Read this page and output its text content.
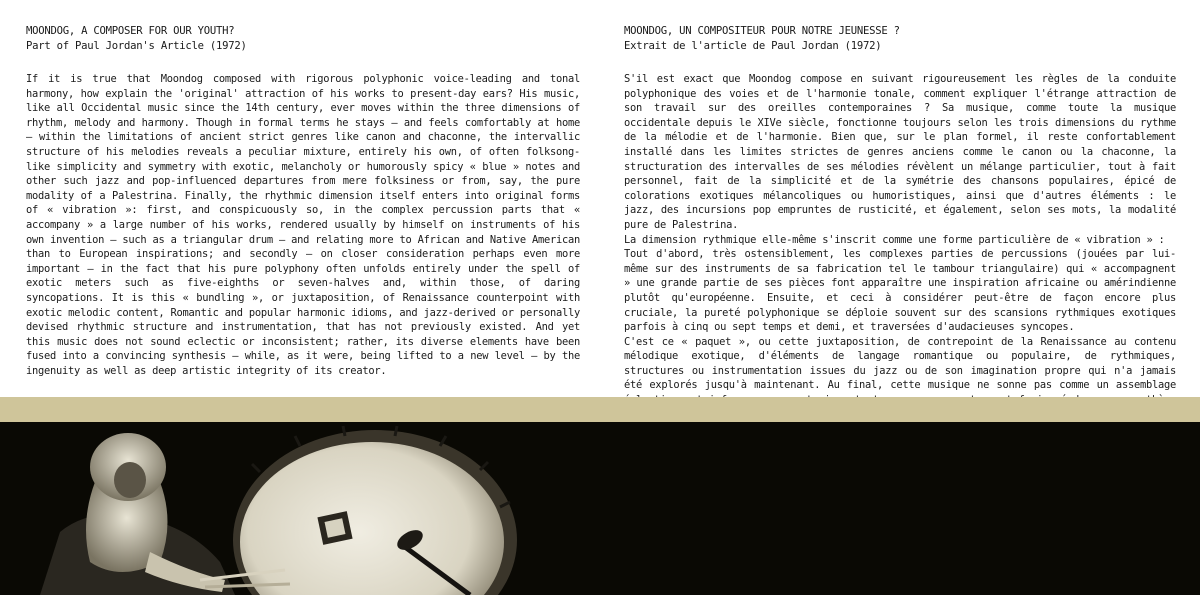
MOONDOG, A COMPOSER FOR OUR YOUTH?
Part of Paul Jordan's Article (1972)

If it is true that Moondog composed with rigorous polyphonic voice-leading and tonal harmony, how explain the 'original' attraction of his works to present-day ears? His music, like all Occidental music since the 14th century, ever moves within the three dimensions of rhythm, melody and harmony. Though in formal terms he stays — and feels comfortably at home — within the limitations of ancient strict genres like canon and chaconne, the intervallic structure of his melodies reveals a peculiar mixture, entirely his own, of often folksong-like simplicity and symmetry with exotic, melancholy or humorously spicy « blue » notes and other such jazz and pop-influenced departures from mere folksiness or from, say, the pure modality of a Palestrina. Finally, the rhythmic dimension itself enters into original forms of « vibration »: first, and conspicuously so, in the complex percussion parts that « accompany » a large number of his works, rendered usually by himself on instruments of his own invention — such as a triangular drum — and relating more to African and Native American than to European inspirations; and secondly — on closer consideration perhaps even more important — in the fact that his pure polyphony often unfolds entirely under the spell of exotic meters such as five-eighths or seven-halves and, within those, of daring syncopations. It is this « bundling », or juxtaposition, of Renaissance counterpoint with exotic melodic content, Romantic and popular harmonic idioms, and jazz-derived or personally devised rhythmic structure and instrumentation, that has not previously existed. And yet this music does not sound eclectic or inconsistent; rather, its diverse elements have been fused into a convincing synthesis — while, as it were, being lifted to a new level — by the ingenuity as well as deep artistic integrity of its creator.

MOONDOG, UN COMPOSITEUR POUR NOTRE JEUNESSE ?
Extrait de l'article de Paul Jordan (1972)

S'il est exact que Moondog compose en suivant rigoureusement les règles de la conduite polyphonique des voies et de l'harmonie tonale, comment expliquer l'étrange attraction de son travail sur des oreilles contemporaines ? Sa musique, comme toute la musique occidentale depuis le XIVe siècle, fonctionne toujours selon les trois dimensions du rythme de la mélodie et de l'harmonie. Bien que, sur le plan formel, il reste confortablement installé dans les limites strictes de genres anciens comme le canon ou la chaconne, la structuration des intervalles de ses mélodies révèlent un mélange particulier, tout à fait personnel, fait de la simplicité et de la symétrie des chansons populaires, épicé de colorations exotiques mélancoliques ou humoristiques, ainsi que d'autres éléments : le jazz, des incursions pop empruntes de rusticité, et également, selon ses mots, la modalité pure de Palestrina.

La dimension rythmique elle-même s'inscrit comme une forme particulière de « vibration » :

Tout d'abord, très ostensiblement, les complexes parties de percussions (jouées par lui-même sur des instruments de sa fabrication tel le tambour triangulaire) qui « accompagnent » une grande partie de ses pièces font apparaître une inspiration africaine ou amérindienne plutôt qu'européenne. Ensuite, et ceci à considérer peut-être de façon encore plus cruciale, la pureté polyphonique se déploie souvent sur des scansions rythmiques exotiques parfois à cinq ou sept temps et demi, et traversées d'audacieuses syncopes.

C'est ce « paquet », ou cette juxtaposition, de contrepoint de la Renaissance au contenu mélodique exotique, d'éléments de langage romantique ou populaire, de rythmiques, structures ou instrumentation issues du jazz ou de son imagination propre qui n'a jamais été explorés jusqu'à maintenant. Au final, cette musique ne sonne pas comme un assemblage
